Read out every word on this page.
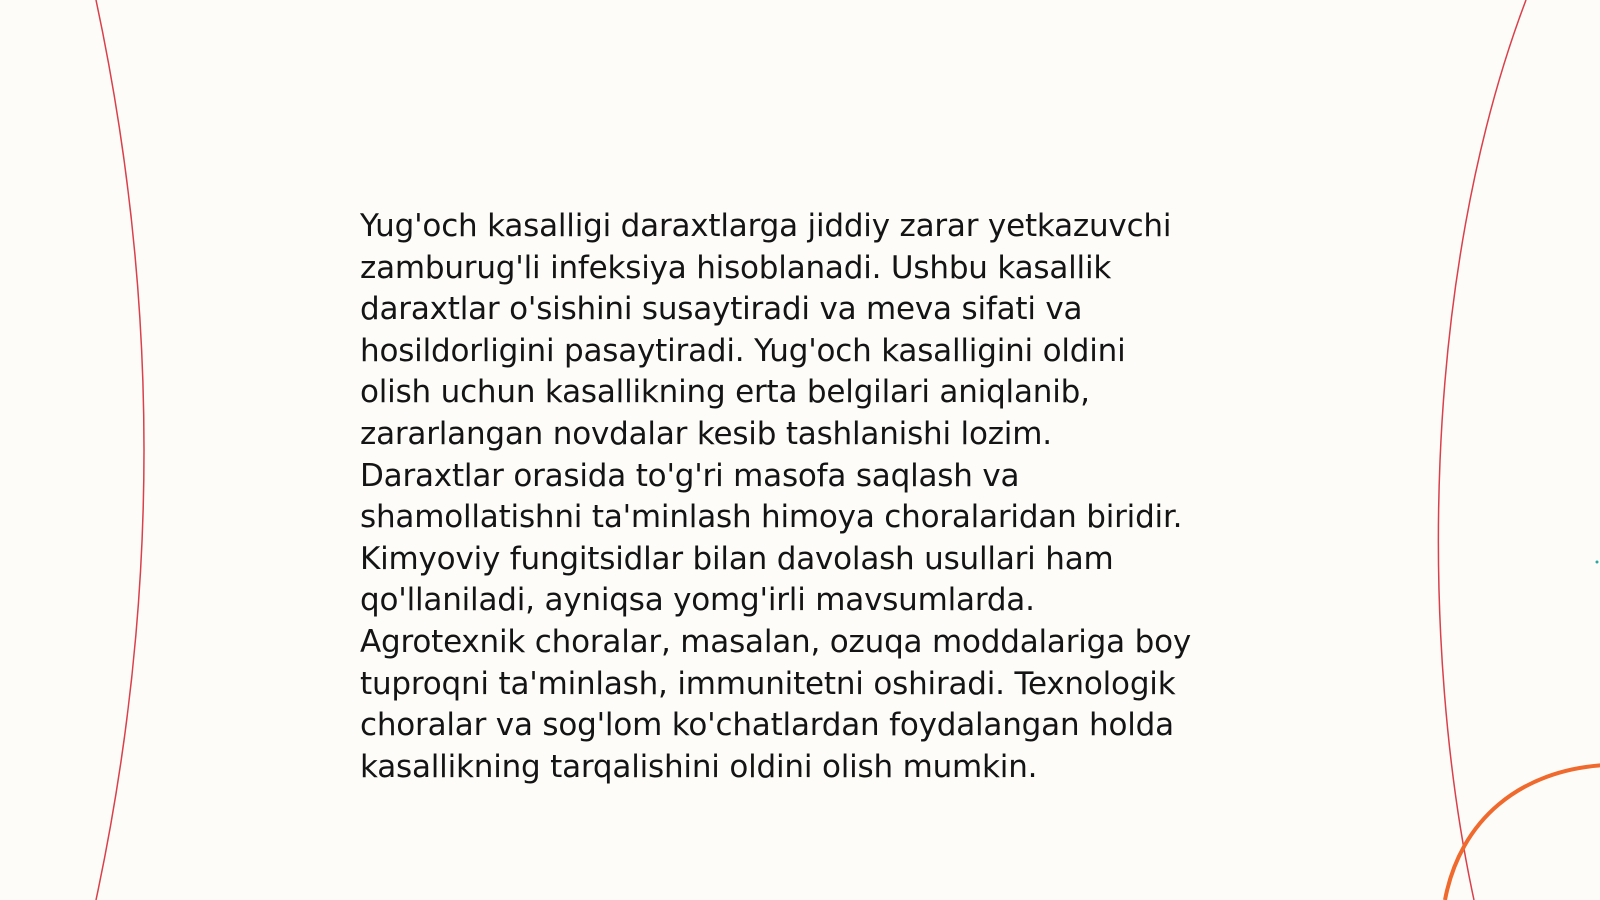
Yug'och kasalligi daraxtlarga jiddiy zarar yetkazuvchi
zamburug'li infeksiya hisoblanadi. Ushbu kasallik
daraxtlar o'sishini susaytiradi va meva sifati va
hosildorligini pasaytiradi. Yug'och kasalligini oldini
olish uchun kasallikning erta belgilari aniqlanib,
zararlangan novdalar kesib tashlanishi lozim.
Daraxtlar orasida to'g'ri masofa saqlash va
shamollatishni ta'minlash himoya choralaridan biridir.
Kimyoviy fungitsidlar bilan davolash usullari ham
qo'llaniladi, ayniqsa yomg'irli mavsumlarda.
Agrotexnik choralar, masalan, ozuqa moddalariga boy
tuproqni ta'minlash, immunitetni oshiradi. Texnologik
choralar va sog'lom ko'chatlardan foydalangan holda
kasallikning tarqalishini oldini olish mumkin.
